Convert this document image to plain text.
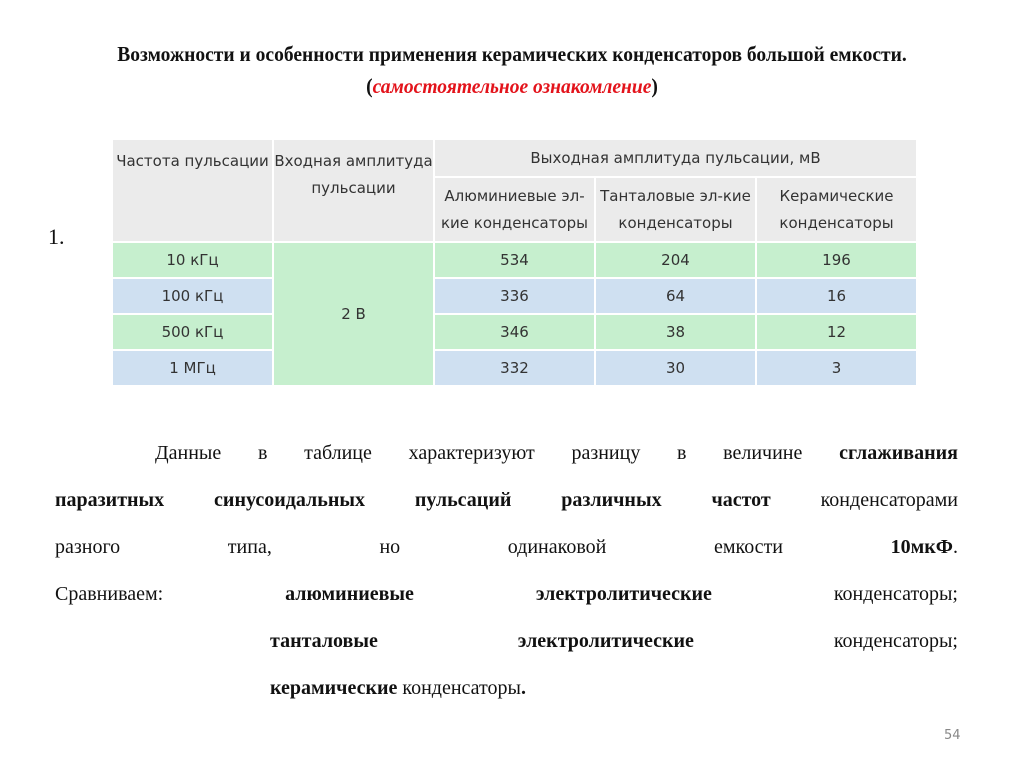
Возможности и особенности применения керамических конденсаторов большой емкости. (самостоятельное ознакомление)
1.
Частота пульсации	Входная амплитуда пульсации	Выходная амплитуда пульсации, мВ		
		Алюминиевые эл-кие конденсаторы	Танталовые эл-кие конденсаторы	Керамические конденсаторы
10 кГц	2 В	534	204	196
100 кГц		336	64	16
500 кГц		346	38	12
1 МГц		332	30	3
Данные в таблице характеризуют разницу в величине сглаживания
паразитных синусоидальных пульсаций различных частот конденсаторами
разного	типа,	но	одинаковой	емкости	10мкФ.
Сравниваем:	алюминиевые	электролитические	конденсаторы;
танталовые	электролитические	конденсаторы;
керамические конденсаторы.
54
